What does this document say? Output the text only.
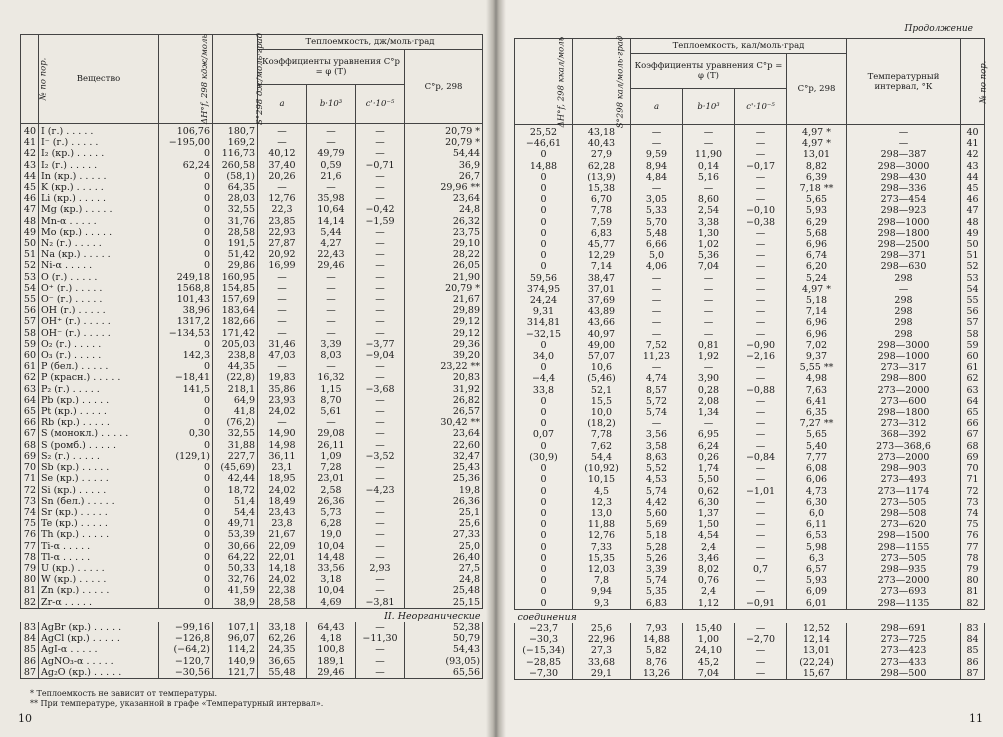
№ по пор.	Вещество	ΔH°f, 298 кдж/моль	S°298 дж/моль·град	Теплоемкость, дж/моль·град			
				Коэффициенты уравнения C°p = φ (T)			C°p, 298
				a	b·10³	c'·10⁻⁵	
40	I (г.) . . . . .	106,76	180,7	—	—	—	20,79 *
41	I⁻ (г.) . . . . .	−195,00	169,2	—	—	—	20,79 *
42	I₂ (кр.) . . . . .	0	116,73	40,12	49,79	—	54,44
43	I₂ (г.) . . . . .	62,24	260,58	37,40	0,59	−0,71	36,9
44	In (кр.) . . . . .	0	(58,1)	20,26	21,6	—	26,7
45	K (кр.) . . . . .	0	64,35	—	—	—	29,96 **
46	Li (кр.) . . . . .	0	28,03	12,76	35,98	—	23,64
47	Mg (кр.) . . . . .	0	32,55	22,3	10,64	−0,42	24,8
48	Mn-α . . . . .	0	31,76	23,85	14,14	−1,59	26,32
49	Mo (кр.) . . . . .	0	28,58	22,93	5,44	—	23,75
50	N₂ (г.) . . . . .	0	191,5	27,87	4,27	—	29,10
51	Na (кр.) . . . . .	0	51,42	20,92	22,43	—	28,22
52	Ni-α . . . . .	0	29,86	16,99	29,46	—	26,05
53	O (г.) . . . . .	249,18	160,95	—	—	—	21,90
54	O⁺ (г.) . . . . .	1568,8	154,85	—	—	—	20,79 *
55	O⁻ (г.) . . . . .	101,43	157,69	—	—	—	21,67
56	OH (г.) . . . . .	38,96	183,64	—	—	—	29,89
57	OH⁺ (г.) . . . . .	1317,2	182,66	—	—	—	29,12
58	OH⁻ (г.) . . . . .	−134,53	171,42	—	—	—	29,12
59	O₂ (г.) . . . . .	0	205,03	31,46	3,39	−3,77	29,36
60	O₃ (г.) . . . . .	142,3	238,8	47,03	8,03	−9,04	39,20
61	P (бел.) . . . . .	0	44,35	—	—	—	23,22 **
62	P (красн.) . . . . .	−18,41	(22,8)	19,83	16,32	—	20,83
63	P₂ (г.) . . . . .	141,5	218,1	35,86	1,15	−3,68	31,92
64	Pb (кр.) . . . . .	0	64,9	23,93	8,70	—	26,82
65	Pt (кр.) . . . . .	0	41,8	24,02	5,61	—	26,57
66	Rb (кр.) . . . . .	0	(76,2)	—	—	—	30,42 **
67	S (монокл.) . . . . .	0,30	32,55	14,90	29,08	—	23,64
68	S (ромб.) . . . . .	0	31,88	14,98	26,11	—	22,60
69	S₂ (г.) . . . . .	(129,1)	227,7	36,11	1,09	−3,52	32,47
70	Sb (кр.) . . . . .	0	(45,69)	23,1	7,28	—	25,43
71	Se (кр.) . . . . .	0	42,44	18,95	23,01	—	25,36
72	Si (кр.) . . . . .	0	18,72	24,02	2,58	−4,23	19,8
73	Sn (бел.) . . . . .	0	51,4	18,49	26,36	—	26,36
74	Sr (кр.) . . . . .	0	54,4	23,43	5,73	—	25,1
75	Te (кр.) . . . . .	0	49,71	23,8	6,28	—	25,6
76	Th (кр.) . . . . .	0	53,39	21,67	19,0	—	27,33
77	Ti-α . . . . .	0	30,66	22,09	10,04	—	25,0
78	Tl-α . . . . .	0	64,22	22,01	14,48	—	26,40
79	U (кр.) . . . . .	0	50,33	14,18	33,56	2,93	27,5
80	W (кр.) . . . . .	0	32,76	24,02	3,18	—	24,8
81	Zn (кр.) . . . . .	0	41,59	22,38	10,04	—	25,48
82	Zr-α . . . . .	0	38,9	28,58	4,69	−3,81	25,15
II. Неорганические							
83	AgBr (кр.) . . . . .	−99,16	107,1	33,18	64,43	—	52,38
84	AgCl (кр.) . . . . .	−126,8	96,07	62,26	4,18	−11,30	50,79
85	AgI-α . . . . .	(−64,2)	114,2	24,35	100,8	—	54,43
86	AgNO₃-α . . . . .	−120,7	140,9	36,65	189,1	—	(93,05)
87	Ag₂O (кр.) . . . . .	−30,56	121,7	55,48	29,46	—	65,56
* Теплоемкость не зависит от температуры.
** При температуре, указанной в графе «Температурный интервал».
10
Продолжение
ΔH°f, 298 ккал/моль	S°298 кал/моль·град	Теплоемкость, кал/моль·град				Температурный интервал, °К	№ по пор.
		Коэффициенты уравнения C°p = φ (T)			C°p, 298		
		a	b·10³	c'·10⁻⁵			
25,52	43,18	—	—	—	4,97 *	—	40
−46,61	40,43	—	—	—	4,97 *	—	41
0	27,9	9,59	11,90	—	13,01	298—387	42
14,88	62,28	8,94	0,14	−0,17	8,82	298—3000	43
0	(13,9)	4,84	5,16	—	6,39	298—430	44
0	15,38	—	—	—	7,18 **	298—336	45
0	6,70	3,05	8,60	—	5,65	273—454	46
0	7,78	5,33	2,54	−0,10	5,93	298—923	47
0	7,59	5,70	3,38	−0,38	6,29	298—1000	48
0	6,83	5,48	1,30	—	5,68	298—1800	49
0	45,77	6,66	1,02	—	6,96	298—2500	50
0	12,29	5,0	5,36	—	6,74	298—371	51
0	7,14	4,06	7,04	—	6,20	298—630	52
59,56	38,47	—	—	—	5,24	298	53
374,95	37,01	—	—	—	4,97 *	—	54
24,24	37,69	—	—	—	5,18	298	55
9,31	43,89	—	—	—	7,14	298	56
314,81	43,66	—	—	—	6,96	298	57
−32,15	40,97	—	—	—	6,96	298	58
0	49,00	7,52	0,81	−0,90	7,02	298—3000	59
34,0	57,07	11,23	1,92	−2,16	9,37	298—1000	60
0	10,6	—	—	—	5,55 **	273—317	61
−4,4	(5,46)	4,74	3,90	—	4,98	298—800	62
33,8	52,1	8,57	0,28	−0,88	7,63	273—2000	63
0	15,5	5,72	2,08	—	6,41	273—600	64
0	10,0	5,74	1,34	—	6,35	298—1800	65
0	(18,2)	—	—	—	7,27 **	273—312	66
0,07	7,78	3,56	6,95	—	5,65	368—392	67
0	7,62	3,58	6,24	—	5,40	273—368,6	68
(30,9)	54,4	8,63	0,26	−0,84	7,77	273—2000	69
0	(10,92)	5,52	1,74	—	6,08	298—903	70
0	10,15	4,53	5,50	—	6,06	273—493	71
0	4,5	5,74	0,62	−1,01	4,73	273—1174	72
0	12,3	4,42	6,30	—	6,30	273—505	73
0	13,0	5,60	1,37	—	6,0	298—508	74
0	11,88	5,69	1,50	—	6,11	273—620	75
0	12,76	5,18	4,54	—	6,53	298—1500	76
0	7,33	5,28	2,4	—	5,98	298—1155	77
0	15,35	5,26	3,46	—	6,3	273—505	78
0	12,03	3,39	8,02	0,7	6,57	298—935	79
0	7,8	5,74	0,76	—	5,93	273—2000	80
0	9,94	5,35	2,4	—	6,09	273—693	81
0	9,3	6,83	1,12	−0,91	6,01	298—1135	82
соединения							
−23,7	25,6	7,93	15,40	—	12,52	298—691	83
−30,3	22,96	14,88	1,00	−2,70	12,14	273—725	84
(−15,34)	27,3	5,82	24,10	—	13,01	273—423	85
−28,85	33,68	8,76	45,2	—	(22,24)	273—433	86
−7,30	29,1	13,26	7,04	—	15,67	298—500	87
11
